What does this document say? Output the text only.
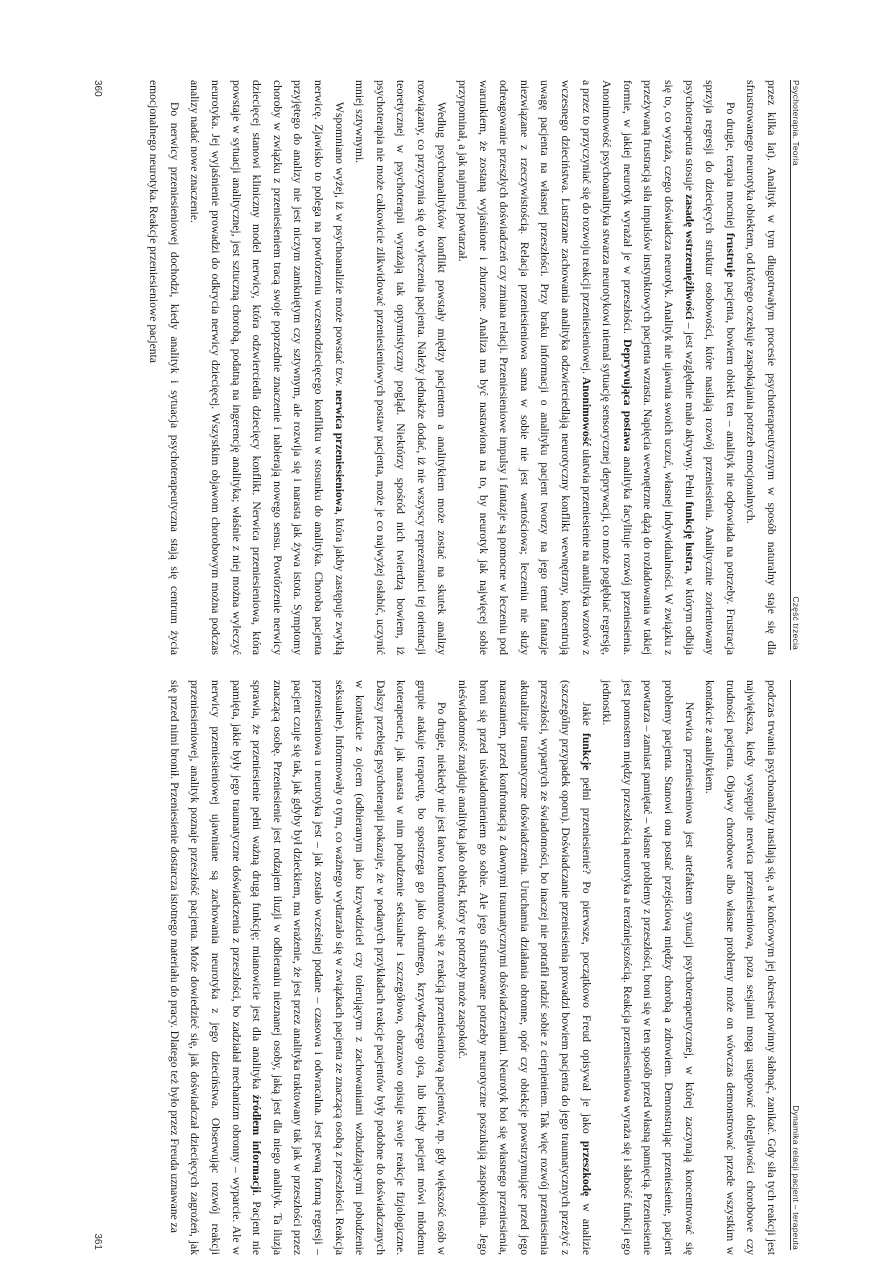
Psychoterapia. Teoria
Część trzecia

przez kilka lat). Analityk w tym długotrwałym procesie psychoterapeutycznym w sposób naturalny staje się dla sfrustrowanego neurotyka obiektem, od którego oczekuje zaspokajania potrzeb emocjonalnych.

Po drugie, terapia mocniej frustruje pacjenta, bowiem obiekt ten – analityk nie odpowiada na potrzeby. Frustracja sprzyja regresji do dziecięcych struktur osobowości, które nasilają rozwój przeniesienia. Analitycznie zorientowany psychoterapeuta stosuje zasadę wstrzemięźliwości – jest względnie mało aktywny. Pełni funkcję lustra, w którym odbija się to, co wyraża, czego doświadcza neurotyk. Analityk nie ujawnia swoich uczuć, własnej indywidualności. W związku z przeżywaną frustracją siła impulsów instynktowych pacjenta wzrasta. Napięcia wewnętrzne dążą do rozładowania w takiej formie, w jakiej neurotyk wyrażał je w przeszłości. Deprywująca postawa analityka facylituje rozwój przeniesienia. Anonimowość psychoanalityka stwarza neurotykowi niemal sytuację sensorycznej deprywacji, co może pogłębiać regresję, a przez to przyczyniać się do rozwoju reakcji przeniesieniowej. Anonimowość ułatwia przeniesienie na analityka wzorów z wczesnego dzieciństwa. Lustrzane zachowania analityka odzwierciedlają neurotyczny konflikt wewnętrzny, koncentrują uwagę pacjenta na własnej przeszłości. Przy braku informacji o analityku pacjent tworzy na jego temat fantazje niezwiązane z rzeczywistością. Relacja przeniesieniowa sama w sobie nie jest wartościowa; leczeniu nie służy odreagowanie przeszłych doświadczeń czy zmiana relacji. Przeniesieniowe impulsy i fantazje są pomocne w leczeniu pod warunkiem, że zostaną wyjaśnione i zburzone. Analiza ma być nastawiona na to, by neurotyk jak najwięcej sobie przypominał, a jak najmniej powtarzał.

Według psychoanalityków konflikt powstały między pacjentem a analitykiem może zostać na skutek analizy rozwiązany, co przyczynia się do wyleczenia pacjenta. Należy jednakże dodać, iż nie wszyscy reprezentanci tej orientacji teoretycznej w psychoterapii wyrażają tak optymistyczny pogląd. Niektórzy spośród nich twierdzą bowiem, iż psychoterapia nie może całkowicie zlikwidować przeniesieniowych postaw pacjenta, może je co najwyżej osłabić, uczynić mniej sztywnymi.

Wspomniano wyżej, iż w psychoanalizie może powstać tzw. nerwica przeniesieniowa, która jakby zastępuje zwykłą nerwicę. Zjawisko to polega na powtórzeniu wczesnodziecięcego konfliktu w stosunku do analityka. Choroba pacjenta przyjętego do analizy nie jest niczym zamkniętym czy sztywnym, ale rozwija się i narasta jak żywa istota. Symptomy choroby w związku z przeniesieniem tracą swoje poprzednie znaczenie i nabierają nowego sensu. Powtórzenie nerwicy dziecięcej stanowi kliniczny model nerwicy, która odzwierciedla dziecięcy konflikt. Nerwica przeniesieniowa, która powstaje w sytuacji analitycznej, jest sztuczną chorobą, podatną na ingerencję analityka; właśnie z niej można wyleczyć neurotyka. Jej wyjaśnienie prowadzi do odkrycia nerwicy dziecięcej. Wszystkim objawom chorobowym można podczas analizy nadać nowe znaczenie.

Do nerwicy przeniesieniowej dochodzi, kiedy analityk i sytuacja psychoterapeutyczna stają się centrum życia emocjonalnego neurotyka. Reakcje przeniesieniowe pacjenta

360
Dynamika relacji pacjent – terapeuta

podczas trwania psychoanalizy nasilają się, a w końcowym jej okresie powinny słabnąć, zanikać. Gdy siła tych reakcji jest największa, kiedy występuje nerwica przeniesieniowa, poza sesjami mogą ustępować dolegliwości chorobowe czy trudności pacjenta. Objawy chorobowe albo własne problemy może on wówczas demonstrować przede wszystkim w kontakcie z analitykiem.

Nerwica przeniesieniowa jest artefaktem sytuacji psychoterapeutycznej, w której zaczynają koncentrować się problemy pacjenta. Stanowi ona postać przejściową między chorobą a zdrowiem. Demonstrując przeniesienie, pacjent powtarza – zamiast pamiętać – własne problemy z przeszłości, broni się w ten sposób przed własną pamięcią. Przeniesienie jest pomostem między przeszłością neurotyka a teraźniejszością. Reakcja przeniesieniowa wyraża się i słabość funkcji ego jednostki.

Jakie funkcje pełni przeniesienie? Po pierwsze, początkowo Freud opisywał je jako przeszkodę w analizie (szczególny przypadek oporu). Doświadczanie przeniesienia prowadzi bowiem pacjenta do jego traumatycznych przeżyć z przeszłości, wypartych ze świadomości, bo inaczej nie potrafił radzić sobie z cierpieniem. Tak więc rozwój przeniesienia aktualizuje traumatyczne doświadczenia. Uruchamia działania obronne, opór czy obiekcje powstrzymujące przed jego narastaniem, przed konfrontacją z dawnymi traumatycznymi doświadczeniami. Neurotyk boi się własnego przeniesienia, broni się przed uświadomieniem go sobie. Ale jego sfrustrowane potrzeby neurotyczne poszukują zaspokojenia. Jego nieświadomość znajduje analityka jako obiekt, który te potrzeby może zaspokoić.

Po drugie, niekiedy nie jest łatwo konfrontować się z reakcją przeniesieniową pacjentów, np. gdy większość osób w grupie atakuje terapeutę, bo spostrzega go jako okrutnego, krzywdzącego ojca, lub kiedy pacjent mówi młodemu koterapeucie, jak narasta w nim pobudzenie seksualne i szczegółowo, obrazowo opisuje swoje reakcje fizjologiczne. Dalszy przebieg psychoterapii pokazuje, że w podanych przykładach reakcje pacjentów były podobne do doświadczanych w kontakcie z ojcem (odbieranym jako krzywdziciel czy tolerującym z zachowaniami wzbudzającymi pobudzenie seksualne). Informowały o tym, co ważnego wydarzało się w związkach pacjenta ze znaczącą osobą z przeszłości. Reakcja przeniesieniowa u neurotyka jest – jak zostało wcześniej podane – czasowa i odwracalna. Jest pewną formą regresji – pacjent czuje się tak, jak gdyby był dzieckiem, ma wrażenie, że jest przez analityka traktowany tak jak w przeszłości przez znaczącą osobę. Przeniesienie jest rodzajem iluzji w odbieraniu nieznanej osoby, jaką jest dla niego analityk. Ta iluzja sprawia, że przeniesienie pełni ważną drugą funkcję; mianowicie jest dla analityka źródłem informacji. Pacjent nie pamięta, jakie były jego traumatyczne doświadczenia z przeszłości, bo zadziałał mechanizm obronny – wyparcie. Ale w nerwicy przeniesieniowej ujawniane są zachowania neurotyka z jego dzieciństwa. Obserwując rozwój reakcji przeniesieniowej, analityk poznaje przeszłość pacjenta. Może dowiedzieć się, jak doświadczał dziecięcych zagrożeń, jak się przed nimi bronił. Przeniesienie dostarcza istotnego materiału do pracy. Dlatego też było przez Freuda uznawane za

361
